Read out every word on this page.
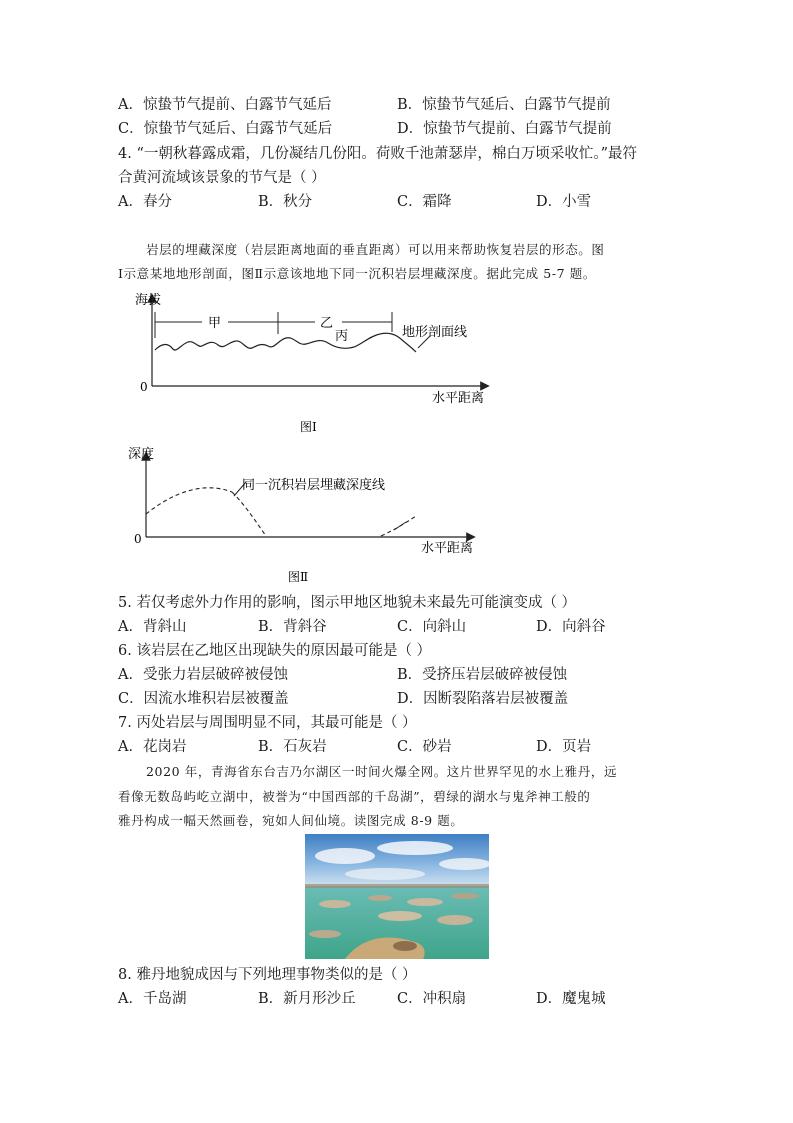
A．惊蛰节气提前、白露节气延后	B．惊蛰节气延后、白露节气提前
C．惊蛰节气延后、白露节气延后	D．惊蛰节气提前、白露节气提前
4. “一朝秋暮露成霜，几份凝结几份阳。荷败千池萧瑟岸，棉白万顷采收忙。”最符
合黄河流域该景象的节气是（ ）
A．春分	B．秋分	C．霜降	D．小雪
岩层的埋藏深度（岩层距离地面的垂直距离）可以用来帮助恢复岩层的形态。图
Ⅰ示意某地地形剖面，图Ⅱ示意该地地下同一沉积岩层埋藏深度。据此完成 5-7 题。
海拔
0
水平距离
甲	乙
丙	地形剖面线
图Ⅰ
深度
0
水平距离
同一沉积岩层埋藏深度线
图Ⅱ
5. 若仅考虑外力作用的影响，图示甲地区地貌未来最先可能演变成（ ）
A．背斜山	B．背斜谷	C．向斜山	D．向斜谷
6. 该岩层在乙地区出现缺失的原因最可能是（ ）
A．受张力岩层破碎被侵蚀	B．受挤压岩层破碎被侵蚀
C．因流水堆积岩层被覆盖	D．因断裂陷落岩层被覆盖
7. 丙处岩层与周围明显不同，其最可能是（ ）
A．花岗岩	B．石灰岩	C．砂岩	D．页岩
2020 年，青海省东台吉乃尔湖区一时间火爆全网。这片世界罕见的水上雅丹，远
看像无数岛屿屹立湖中，被誉为“中国西部的千岛湖”，碧绿的湖水与鬼斧神工般的
雅丹构成一幅天然画卷，宛如人间仙境。读图完成 8-9 题。
8. 雅丹地貌成因与下列地理事物类似的是（ ）
A．千岛湖	B．新月形沙丘	C．冲积扇	D．魔鬼城
